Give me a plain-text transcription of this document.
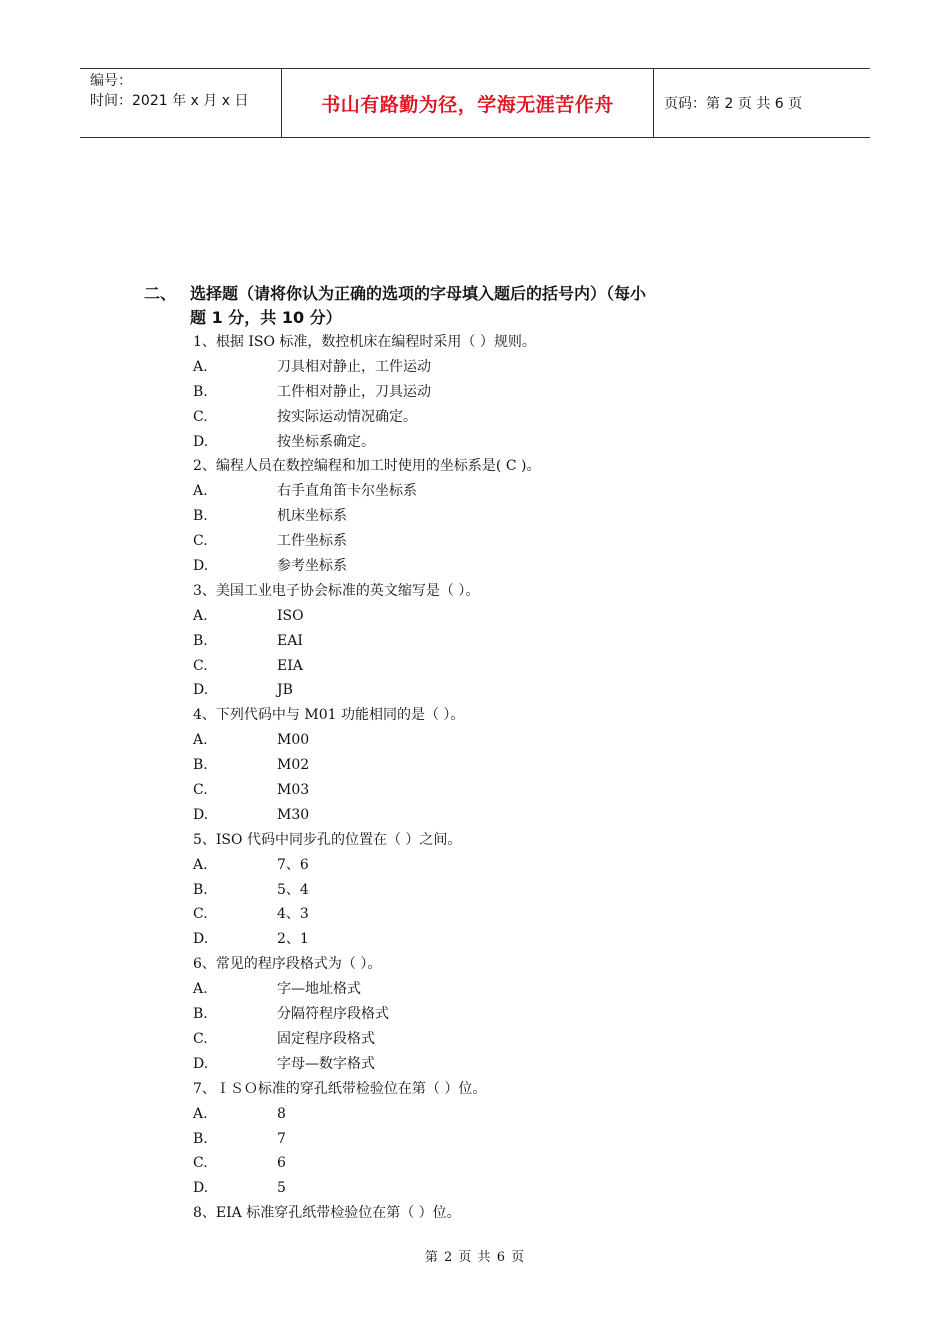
编号：
时间：2021 年 x 月 x 日	书山有路勤为径，学海无涯苦作舟	页码：第 2 页 共 6 页
二、 选择题（请将你认为正确的选项的字母填入题后的括号内）（每小
题 1 分，共 10 分）
1、根据 ISO 标准，数控机床在编程时采用（ ）规则。
A.	刀具相对静止，工件运动
B.	工件相对静止，刀具运动
C.	按实际运动情况确定。
D.	按坐标系确定。
2、编程人员在数控编程和加工时使用的坐标系是( C )。
A.	右手直角笛卡尔坐标系
B.	机床坐标系
C.	工件坐标系
D.	参考坐标系
3、美国工业电子协会标准的英文缩写是（ ）。
A.	ISO
B.	EAI
C.	EIA
D.	JB
4、下列代码中与 M01 功能相同的是（ ）。
A.	M00
B.	M02
C.	M03
D.	M30
5、ISO 代码中同步孔的位置在（ ）之间。
A.	7、6
B.	5、4
C.	4、3
D.	2、1
6、常见的程序段格式为（ ）。
A.	字—地址格式
B.	分隔符程序段格式
C.	固定程序段格式
D.	字母—数字格式
7、ＩＳＯ标准的穿孔纸带检验位在第（ ）位。
A.	8
B.	7
C.	6
D.	5
8、EIA 标准穿孔纸带检验位在第（ ）位。
第 2 页 共 6 页
